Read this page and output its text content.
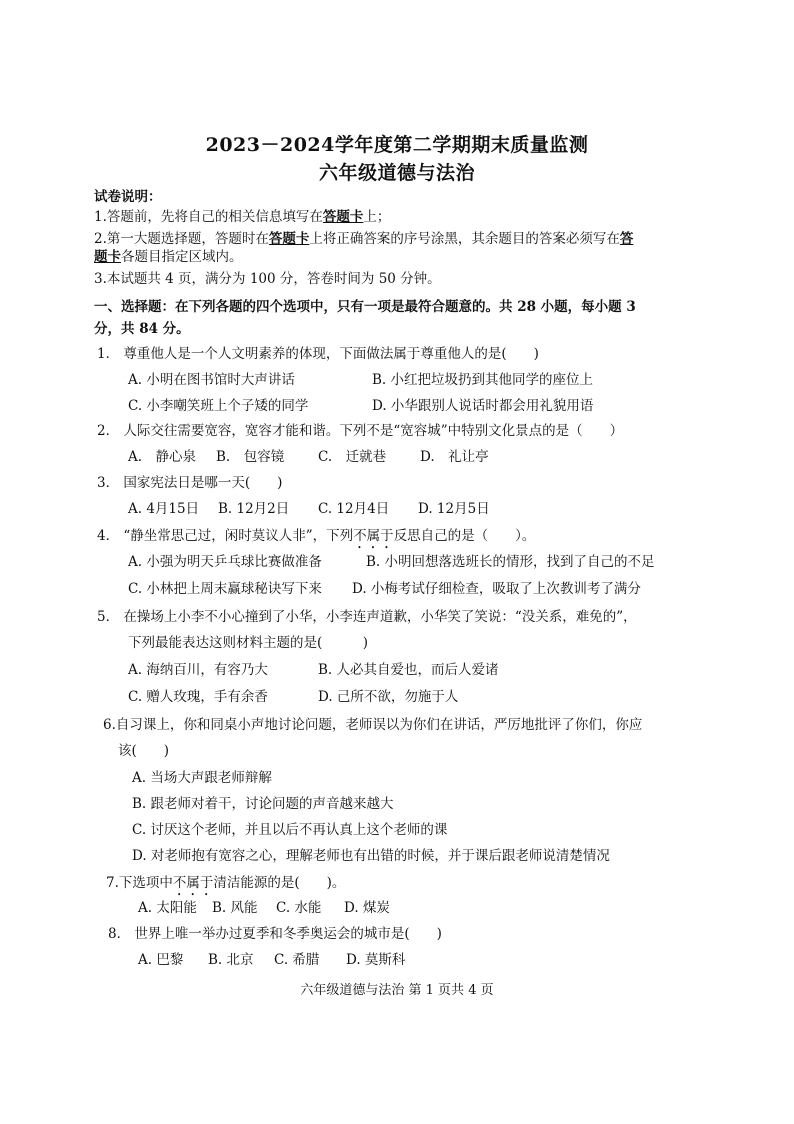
2023－2024学年度第二学期期末质量监测
六年级道德与法治
试卷说明：
1.答题前，先将自己的相关信息填写在答题卡上；
2.第一大题选择题，答题时在答题卡上将正确答案的序号涂黑，其余题目的答案必须写在答
题卡各题目指定区域内。
3.本试题共 4 页，满分为 100 分，答卷时间为 50 分钟。
一、选择题：在下列各题的四个选项中，只有一项是最符合题意的。共 28 小题，每小题 3
分，共 84 分。
1． 尊重他人是一个人文明素养的体现，下面做法属于尊重他人的是(　　)
A. 小明在图书馆时大声讲话	B. 小红把垃圾扔到其他同学的座位上
C. 小李嘲笑班上个子矮的同学	D. 小华跟别人说话时都会用礼貌用语
2． 人际交往需要宽容，宽容才能和谐。下列不是“宽容城”中特别文化景点的是（　　）
A.　静心泉 B.　包容镜	C.　迁就巷	D.　礼让亭
3． 国家宪法日是哪一天(　　)
A. 4月15日 B. 12月2日 C. 12月4日 D. 12月5日
4． “静坐常思己过，闲时莫议人非”，下列不属于反思自己的是（　　）。
A. 小强为明天乒乓球比赛做准备	B. 小明回想落选班长的情形，找到了自己的不足
C. 小林把上周末赢球秘诀写下来 D. 小梅考试仔细检查，吸取了上次教训考了满分
5． 在操场上小李不小心撞到了小华，小李连声道歉，小华笑了笑说：“没关系，难免的”，
下列最能表达这则材料主题的是(　　　)
A. 海纳百川，有容乃大	B. 人必其自爱也，而后人爱诸
C. 赠人玫瑰，手有余香	D. 己所不欲，勿施于人
6.自习课上，你和同桌小声地讨论问题，老师误以为你们在讲话，严厉地批评了你们，你应
该(　　)
A. 当场大声跟老师辩解
B. 跟老师对着干，讨论问题的声音越来越大
C. 讨厌这个老师，并且以后不再认真上这个老师的课
D. 对老师抱有宽容之心，理解老师也有出错的时候，并于课后跟老师说清楚情况
7.下选项中不属于清洁能源的是(　　)。
A. 太阳能 B. 风能 C. 水能 D. 煤炭
8． 世界上唯一举办过夏季和冬季奥运会的城市是(　　)
A. 巴黎 B. 北京 C. 希腊 D. 莫斯科
六年级道德与法治 第 1 页共 4 页
